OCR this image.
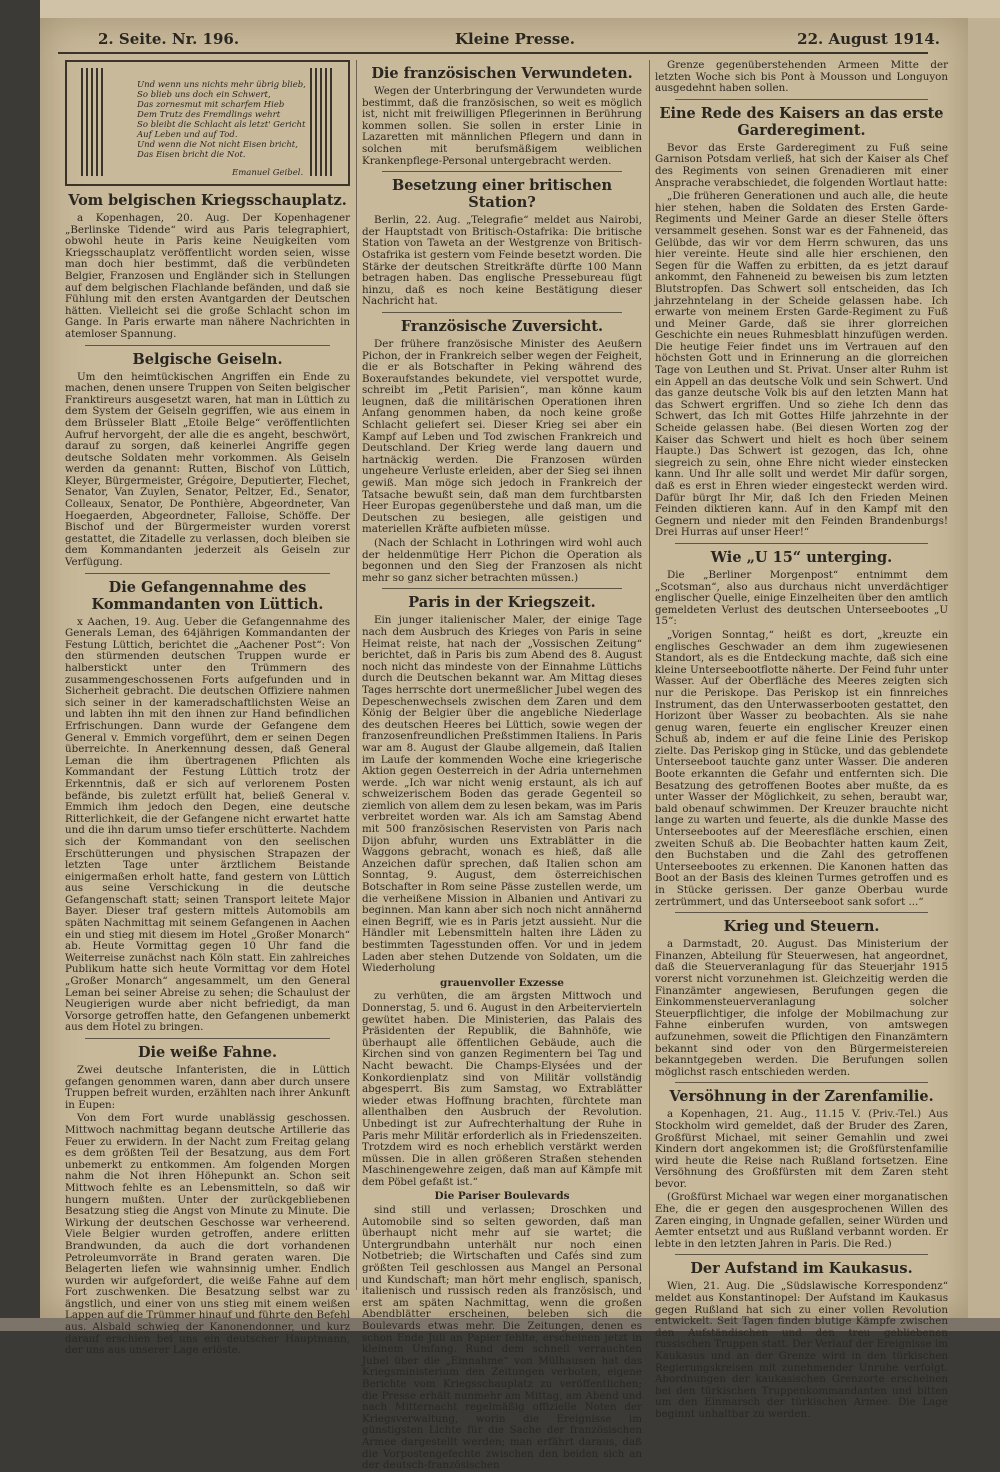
2. Seite. Nr. 196.	Kleine Presse.	22. August 1914.
Und wenn uns nichts mehr übrig blieb,
So blieb uns doch ein Schwert,
Das zornesmut mit scharfem Hieb
Dem Trutz des Fremdlings wehrt
So bleibt die Schlacht als letzt' Gericht
Auf Leben und auf Tod.
Und wenn die Not nicht Eisen bricht,
Das Eisen bricht die Not.
Emanuel Geibel.
Vom belgischen Kriegsschauplatz.

a Kopenhagen, 20. Aug. Der Kopenhagener „Berlinske Tidende“ wird aus Paris telegraphiert, obwohl heute in Paris keine Neuigkeiten vom Kriegsschauplatz veröffentlicht worden seien, wisse man doch hier bestimmt, daß die verbündeten Belgier, Franzosen und Engländer sich in Stellungen auf dem belgischen Flachlande befänden, und daß sie Fühlung mit den ersten Avantgarden der Deutschen hätten. Vielleicht sei die große Schlacht schon im Gange. In Paris erwarte man nähere Nachrichten in atemloser Spannung.

Belgische Geiseln.

Um den heimtückischen Angriffen ein Ende zu machen, denen unsere Truppen von Seiten belgischer Franktireurs ausgesetzt waren, hat man in Lüttich zu dem System der Geiseln gegriffen, wie aus einem in dem Brüsseler Blatt „Etoile Belge“ veröffentlichten Aufruf hervorgeht, der alle die es angeht, beschwört, darauf zu sorgen, daß keinerlei Angriffe gegen deutsche Soldaten mehr vorkommen. Als Geiseln werden da genannt: Rutten, Bischof von Lüttich, Kleyer, Bürgermeister, Grégoire, Deputierter, Flechet, Senator, Van Zuylen, Senator, Peltzer, Ed., Senator, Colleaux, Senator, De Ponthière, Abgeordneter, Van Hoegaerden, Abgeordneter, Falloise, Schöffe. Der Bischof und der Bürgermeister wurden vorerst gestattet, die Zitadelle zu verlassen, doch bleiben sie dem Kommandanten jederzeit als Geiseln zur Verfügung.

Die Gefangennahme des Kommandanten von Lüttich.

x Aachen, 19. Aug. Ueber die Gefangennahme des Generals Leman, des 64jährigen Kommandanten der Festung Lüttich, berichtet die „Aachener Post“: Von den stürmenden deutschen Truppen wurde er halberstickt unter den Trümmern des zusammengeschossenen Forts aufgefunden und in Sicherheit gebracht. Die deutschen Offiziere nahmen sich seiner in der kameradschaftlichsten Weise an und labten ihn mit den ihnen zur Hand befindlichen Erfrischungen. Dann wurde der Gefangene dem General v. Emmich vorgeführt, dem er seinen Degen überreichte. In Anerkennung dessen, daß General Leman die ihm übertragenen Pflichten als Kommandant der Festung Lüttich trotz der Erkenntnis, daß er sich auf verlorenem Posten befände, bis zuletzt erfüllt hat, beließ General v. Emmich ihm jedoch den Degen, eine deutsche Ritterlichkeit, die der Gefangene nicht erwartet hatte und die ihn darum umso tiefer erschütterte. Nachdem sich der Kommandant von den seelischen Erschütterungen und physischen Strapazen der letzten Tage unter ärztlichem Beistande einigermaßen erholt hatte, fand gestern von Lüttich aus seine Verschickung in die deutsche Gefangenschaft statt; seinen Transport leitete Major Bayer. Dieser traf gestern mittels Automobils am späten Nachmittag mit seinem Gefangenen in Aachen ein und stieg mit diesem im Hotel „Großer Monarch“ ab. Heute Vormittag gegen 10 Uhr fand die Weiterreise zunächst nach Köln statt. Ein zahlreiches Publikum hatte sich heute Vormittag vor dem Hotel „Großer Monarch“ angesammelt, um den General Leman bei seiner Abreise zu sehen; die Schaulust der Neugierigen wurde aber nicht befriedigt, da man Vorsorge getroffen hatte, den Gefangenen unbemerkt aus dem Hotel zu bringen.

Die weiße Fahne.

Zwei deutsche Infanteristen, die in Lüttich gefangen genommen waren, dann aber durch unsere Truppen befreit wurden, erzählten nach ihrer Ankunft in Eupen:

Von dem Fort wurde unablässig geschossen. Mittwoch nachmittag begann deutsche Artillerie das Feuer zu erwidern. In der Nacht zum Freitag gelang es dem größten Teil der Besatzung, aus dem Fort unbemerkt zu entkommen. Am folgenden Morgen nahm die Not ihren Höhepunkt an. Schon seit Mittwoch fehlte es an Lebensmitteln, so daß wir hungern mußten. Unter der zurückgebliebenen Besatzung stieg die Angst von Minute zu Minute. Die Wirkung der deutschen Geschosse war verheerend. Viele Belgier wurden getroffen, andere erlitten Brandwunden, da auch die dort vorhandenen Petroleumvorräte in Brand geraten waren. Die Belagerten liefen wie wahnsinnig umher. Endlich wurden wir aufgefordert, die weiße Fahne auf dem Fort zuschwenken. Die Besatzung selbst war zu ängstlich, und einer von uns stieg mit einem weißen Lappen auf die Trümmer hinauf und führte den Befehl aus. Alsbald schwieg der Kanonendonner, und kurz darauf erschien bei uns ein deutscher Hauptmann, der uns aus unserer Lage erlöste.

Die französischen Verwundeten.

Wegen der Unterbringung der Verwundeten wurde bestimmt, daß die französischen, so weit es möglich ist, nicht mit freiwilligen Pflegerinnen in Berührung kommen sollen. Sie sollen in erster Linie in Lazaretten mit männlichen Pflegern und dann in solchen mit berufsmäßigem weiblichen Krankenpflege-Personal untergebracht werden.

Besetzung einer britischen Station?

Berlin, 22. Aug. „Telegrafie“ meldet aus Nairobi, der Hauptstadt von Britisch-Ostafrika: Die britische Station von Taweta an der Westgrenze von Britisch-Ostafrika ist gestern vom Feinde besetzt worden. Die Stärke der deutschen Streitkräfte dürfte 100 Mann betragen haben. Das englische Pressebureau fügt hinzu, daß es noch keine Bestätigung dieser Nachricht hat.

Französische Zuversicht.

Der frühere französische Minister des Aeußern Pichon, der in Frankreich selber wegen der Feigheit, die er als Botschafter in Peking während des Boxeraufstandes bekundete, viel verspottet wurde, schreibt im „Petit Parisien“, man könne kaum leugnen, daß die militärischen Operationen ihren Anfang genommen haben, da noch keine große Schlacht geliefert sei. Dieser Krieg sei aber ein Kampf auf Leben und Tod zwischen Frankreich und Deutschland. Der Krieg werde lang dauern und hartnäckig werden. Die Franzosen würden ungeheure Verluste erleiden, aber der Sieg sei ihnen gewiß. Man möge sich jedoch in Frankreich der Tatsache bewußt sein, daß man dem furchtbarsten Heer Europas gegenüberstehe und daß man, um die Deutschen zu besiegen, alle geistigen und materiellen Kräfte aufbieten müsse.

(Nach der Schlacht in Lothringen wird wohl auch der heldenmütige Herr Pichon die Operation als begonnen und den Sieg der Franzosen als nicht mehr so ganz sicher betrachten müssen.)

Paris in der Kriegszeit.

Ein junger italienischer Maler, der einige Tage nach dem Ausbruch des Krieges von Paris in seine Heimat reiste, hat nach der „Vossischen Zeitung“ berichtet, daß in Paris bis zum Abend des 8. August noch nicht das mindeste von der Einnahme Lüttichs durch die Deutschen bekannt war. Am Mittag dieses Tages herrschte dort unermeßlicher Jubel wegen des Depeschenwechsels zwischen dem Zaren und dem König der Belgier über die angebliche Niederlage des deutschen Heeres bei Lüttich, sowie wegen der franzosenfreundlichen Preßstimmen Italiens. In Paris war am 8. August der Glaube allgemein, daß Italien im Laufe der kommenden Woche eine kriegerische Aktion gegen Oesterreich in der Adria unternehmen werde. „Ich war nicht wenig erstaunt, als ich auf schweizerischem Boden das gerade Gegenteil so ziemlich von allem dem zu lesen bekam, was im Paris verbreitet worden war. Als ich am Samstag Abend mit 500 französischen Reservisten von Paris nach Dijon abfuhr, wurden uns Extrablätter in die Waggons gebracht, wonach es hieß, daß alle Anzeichen dafür sprechen, daß Italien schon am Sonntag, 9. August, dem österreichischen Botschafter in Rom seine Pässe zustellen werde, um die verheißene Mission in Albanien und Antivari zu beginnen. Man kann aber sich noch nicht annähernd einen Begriff, wie es in Paris jetzt aussieht. Nur die Händler mit Lebensmitteln halten ihre Läden zu bestimmten Tagesstunden offen. Vor und in jedem Laden aber stehen Dutzende von Soldaten, um die Wiederholung

grauenvoller Exzesse

zu verhüten, die am ärgsten Mittwoch und Donnerstag, 5. und 6. August in den Arbeitervierteln gewütet haben. Die Ministerien, das Palais des Präsidenten der Republik, die Bahnhöfe, wie überhaupt alle öffentlichen Gebäude, auch die Kirchen sind von ganzen Regimentern bei Tag und Nacht bewacht. Die Champs-Elysées und der Konkordienplatz sind von Militär vollständig abgesperrt. Bis zum Samstag, wo Extrablätter wieder etwas Hoffnung brachten, fürchtete man allenthalben den Ausbruch der Revolution. Unbedingt ist zur Aufrechterhaltung der Ruhe in Paris mehr Militär erforderlich als in Friedenszeiten. Trotzdem wird es noch erheblich verstärkt werden müssen. Die in allen größeren Straßen stehenden Maschinengewehre zeigen, daß man auf Kämpfe mit dem Pöbel gefaßt ist.“

Die Pariser Boulevards

sind still und verlassen; Droschken und Automobile sind so selten geworden, daß man überhaupt nicht mehr auf sie wartet; die Untergrundbahn unterhält nur noch einen Notbetrieb; die Wirtschaften und Cafés sind zum größten Teil geschlossen aus Mangel an Personal und Kundschaft; man hört mehr englisch, spanisch, italienisch und russisch reden als französisch, und erst am späten Nachmittag, wenn die großen Abendblätter erscheinen, beleben sich die Boulevards etwas mehr. Die Zeitungen, denen es schon Ende Juli an Papier fehlte, erscheinen jetzt in kleinem Umfang. Rund dem schnell verrauchten Jubel über die „Einnahme“ von Mülhausen hat das Kriegsministerium den Zeitungen verboten, eigene Berichte vom Kriegsschauplatz zu veröffentlichen; die Presse erhält nunmehr am Mittag, am Abend und nach Mitternacht regelmäßig offizielle Noten der Kriegsverwaltung, worin die Ereignisse im günstigsten Lichte für die Sache der französischen Armee dargestellt werden; man erfährt daraus, daß die Vorpostengefechte zwischen den beiden sich an der deutsch-französischen

Grenze gegenüberstehenden Armeen Mitte der letzten Woche sich bis Pont à Mousson und Longuyon ausgedehnt haben sollen.

Eine Rede des Kaisers an das erste Garderegiment.

Bevor das Erste Garderegiment zu Fuß seine Garnison Potsdam verließ, hat sich der Kaiser als Chef des Regiments von seinen Grenadieren mit einer Ansprache verabschiedet, die folgenden Wortlaut hatte:

„Die früheren Generationen und auch alle, die heute hier stehen, haben die Soldaten des Ersten Garde-Regiments und Meiner Garde an dieser Stelle öfters versammelt gesehen. Sonst war es der Fahneneid, das Gelübde, das wir vor dem Herrn schwuren, das uns hier vereinte. Heute sind alle hier erschienen, den Segen für die Waffen zu erbitten, da es jetzt darauf ankommt, den Fahneneid zu beweisen bis zum letzten Blutstropfen. Das Schwert soll entscheiden, das Ich jahrzehntelang in der Scheide gelassen habe. Ich erwarte von meinem Ersten Garde-Regiment zu Fuß und Meiner Garde, daß sie ihrer glorreichen Geschichte ein neues Ruhmesblatt hinzufügen werden. Die heutige Feier findet uns im Vertrauen auf den höchsten Gott und in Erinnerung an die glorreichen Tage von Leuthen und St. Privat. Unser alter Ruhm ist ein Appell an das deutsche Volk und sein Schwert. Und das ganze deutsche Volk bis auf den letzten Mann hat das Schwert ergriffen. Und so ziehe Ich denn das Schwert, das Ich mit Gottes Hilfe jahrzehnte in der Scheide gelassen habe. (Bei diesen Worten zog der Kaiser das Schwert und hielt es hoch über seinem Haupte.) Das Schwert ist gezogen, das Ich, ohne siegreich zu sein, ohne Ehre nicht wieder einstecken kann. Und Ihr alle sollt und werdet Mir dafür sorgen, daß es erst in Ehren wieder eingesteckt werden wird. Dafür bürgt Ihr Mir, daß Ich den Frieden Meinen Feinden diktieren kann. Auf in den Kampf mit den Gegnern und nieder mit den Feinden Brandenburgs! Drei Hurras auf unser Heer!“

Wie „U 15“ unterging.

Die „Berliner Morgenpost“ entnimmt dem „Scotsman“, also aus durchaus nicht unverdächtiger englischer Quelle, einige Einzelheiten über den amtlich gemeldeten Verlust des deutschen Unterseebootes „U 15“:

„Vorigen Sonntag,“ heißt es dort, „kreuzte ein englisches Geschwader an dem ihm zugewiesenen Standort, als es die Entdeckung machte, daß sich eine kleine Unterseebootflotte näherte. Der Feind fuhr unter Wasser. Auf der Oberfläche des Meeres zeigten sich nur die Periskope. Das Periskop ist ein finnreiches Instrument, das den Unterwasserbooten gestattet, den Horizont über Wasser zu beobachten. Als sie nahe genug waren, feuerte ein englischer Kreuzer einen Schuß ab, indem er auf die feine Linie des Periskop zielte. Das Periskop ging in Stücke, und das geblendete Unterseeboot tauchte ganz unter Wasser. Die anderen Boote erkannten die Gefahr und entfernten sich. Die Besatzung des getroffenen Bootes aber mußte, da es unter Wasser der Möglichkeit, zu sehen, beraubt war, bald obenauf schwimmen. Der Kreuzer brauchte nicht lange zu warten und feuerte, als die dunkle Masse des Unterseebootes auf der Meeresfläche erschien, einen zweiten Schuß ab. Die Beobachter hatten kaum Zeit, den Buchstaben und die Zahl des getroffenen Unterseebootes zu erkennen. Die Kanonen hatten das Boot an der Basis des kleinen Turmes getroffen und es in Stücke gerissen. Der ganze Oberbau wurde zertrümmert, und das Unterseeboot sank sofort ...“

Krieg und Steuern.

a Darmstadt, 20. August. Das Ministerium der Finanzen, Abteilung für Steuerwesen, hat angeordnet, daß die Steuerveranlagung für das Steuerjahr 1915 vorerst nicht vorzunehmen ist. Gleichzeitig werden die Finanzämter angewiesen, Berufungen gegen die Einkommensteuerveranlagung solcher Steuerpflichtiger, die infolge der Mobilmachung zur Fahne einberufen wurden, von amtswegen aufzunehmen, soweit die Pflichtigen den Finanzämtern bekannt sind oder von den Bürgermeistereien bekanntgegeben werden. Die Berufungen sollen möglichst rasch entschieden werden.

Versöhnung in der Zarenfamilie.

a Kopenhagen, 21. Aug., 11.15 V. (Priv.-Tel.) Aus Stockholm wird gemeldet, daß der Bruder des Zaren, Großfürst Michael, mit seiner Gemahlin und zwei Kindern dort angekommen ist; die Großfürstenfamilie wird heute die Reise nach Rußland fortsetzen. Eine Versöhnung des Großfürsten mit dem Zaren steht bevor.

(Großfürst Michael war wegen einer morganatischen Ehe, die er gegen den ausgesprochenen Willen des Zaren einging, in Ungnade gefallen, seiner Würden und Aemter entsetzt und aus Rußland verbannt worden. Er lebte in den letzten Jahren in Paris. Die Red.)

Der Aufstand im Kaukasus.

Wien, 21. Aug. Die „Südslawische Korrespondenz“ meldet aus Konstantinopel: Der Aufstand im Kaukasus gegen Rußland hat sich zu einer vollen Revolution entwickelt. Seit Tagen finden blutige Kämpfe zwischen den Aufständischen und den treu gebliebenen russischen Truppen statt. Der Verlauf der Ereignisse im Kaukasus und an der Grenze wird in den türkischen Regierungskreisen mit zunehmender Unruhe verfolgt. Abordnungen der kaukasischen Grenzorte erscheinen bei den türkischen Truppenkommandanten und bitten um den Einmarsch der türkischen Armee. Die Lage beginnt unhaltbar zu werden.
